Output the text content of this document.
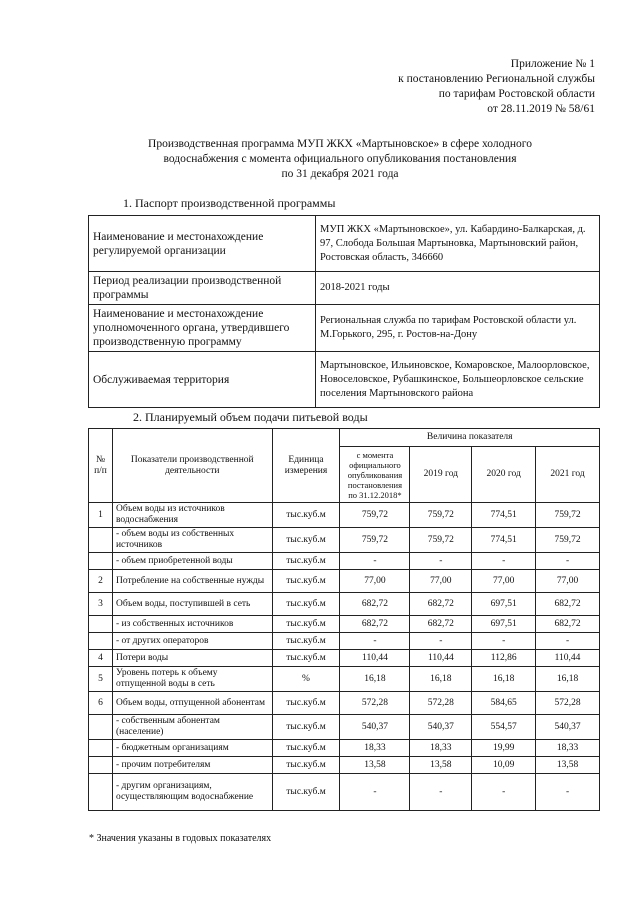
Приложение № 1
к постановлению Региональной службы
по тарифам Ростовской области
от 28.11.2019 № 58/61
Производственная программа МУП ЖКХ «Мартыновское» в сфере холодного
водоснабжения с момента официального опубликования постановления
по 31 декабря 2021 года
1. Паспорт производственной программы
Наименование и местонахождение регулируемой организации	МУП ЖКХ «Мартыновское», ул. Кабардино-Балкарская, д. 97, Слобода Большая Мартыновка, Мартыновский район, Ростовская область, 346660
Период реализации производственной программы	2018-2021 годы
Наименование и местонахождение уполномоченного органа, утвердившего производственную программу	Региональная служба по тарифам Ростовской области ул. М.Горького, 295, г. Ростов-на-Дону
Обслуживаемая территория	Мартыновское, Ильиновское, Комаровское, Малоорловское, Новоселовское, Рубашкинское, Большеорловское сельские поселения Мартыновского района
2. Планируемый объем подачи питьевой воды
№ п/п	Показатели производственной деятельности	Единица измерения	Величина показателя			
			с момента официального опубликования постановления по 31.12.2018*	2019 год	2020 год	2021 год
1	Объем воды из источников водоснабжения	тыс.куб.м	759,72	759,72	774,51	759,72
	- объем воды из собственных источников	тыс.куб.м	759,72	759,72	774,51	759,72
	- объем приобретенной воды	тыс.куб.м	-	-	-	-
2	Потребление на собственные нужды	тыс.куб.м	77,00	77,00	77,00	77,00
3	Объем воды, поступившей в сеть	тыс.куб.м	682,72	682,72	697,51	682,72
	- из собственных источников	тыс.куб.м	682,72	682,72	697,51	682,72
	- от других операторов	тыс.куб.м	-	-	-	-
4	Потери воды	тыс.куб.м	110,44	110,44	112,86	110,44
5	Уровень потерь к объему отпущенной воды в сеть	%	16,18	16,18	16,18	16,18
6	Объем воды, отпущенной абонентам	тыс.куб.м	572,28	572,28	584,65	572,28
	- собственным абонентам (население)	тыс.куб.м	540,37	540,37	554,57	540,37
	- бюджетным организациям	тыс.куб.м	18,33	18,33	19,99	18,33
	- прочим потребителям	тыс.куб.м	13,58	13,58	10,09	13,58
	- другим организациям, осуществляющим водоснабжение	тыс.куб.м	-	-	-	-
* Значения указаны в годовых показателях
